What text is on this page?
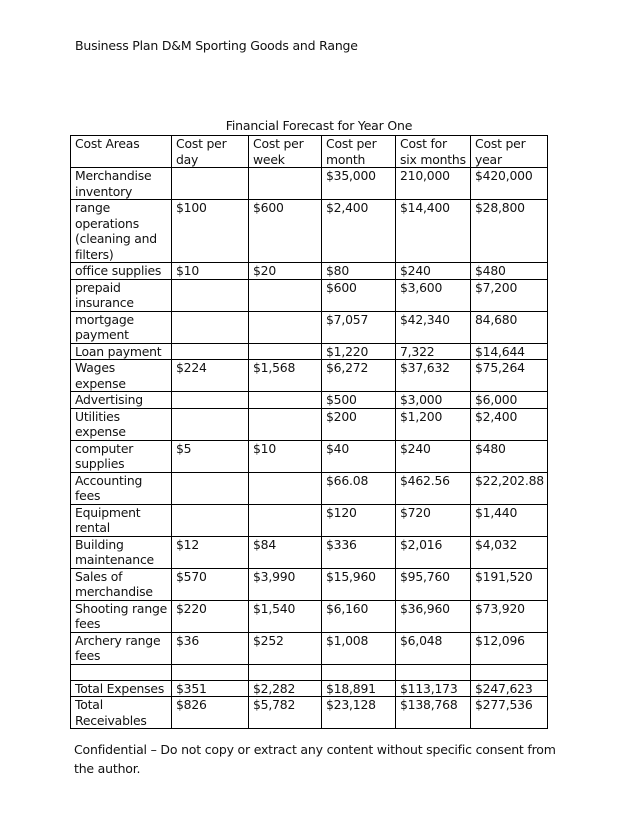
Business Plan D&M Sporting Goods and Range
Financial Forecast for Year One
Cost Areas	Cost per day	Cost per week	Cost per month	Cost for six months	Cost per year
Merchandise inventory			$35,000	210,000	$420,000
range operations (cleaning and filters)	$100	$600	$2,400	$14,400	$28,800
office supplies	$10	$20	$80	$240	$480
prepaid insurance			$600	$3,600	$7,200
mortgage payment			$7,057	$42,340	84,680
Loan payment			$1,220	7,322	$14,644
Wages expense	$224	$1,568	$6,272	$37,632	$75,264
Advertising			$500	$3,000	$6,000
Utilities expense			$200	$1,200	$2,400
computer supplies	$5	$10	$40	$240	$480
Accounting fees			$66.08	$462.56	$22,202.88
Equipment rental			$120	$720	$1,440
Building maintenance	$12	$84	$336	$2,016	$4,032
Sales of merchandise	$570	$3,990	$15,960	$95,760	$191,520
Shooting range fees	$220	$1,540	$6,160	$36,960	$73,920
Archery range fees	$36	$252	$1,008	$6,048	$12,096

Total Expenses	$351	$2,282	$18,891	$113,173	$247,623
Total Receivables	$826	$5,782	$23,128	$138,768	$277,536
Confidential – Do not copy or extract any content without specific consent from the author.
